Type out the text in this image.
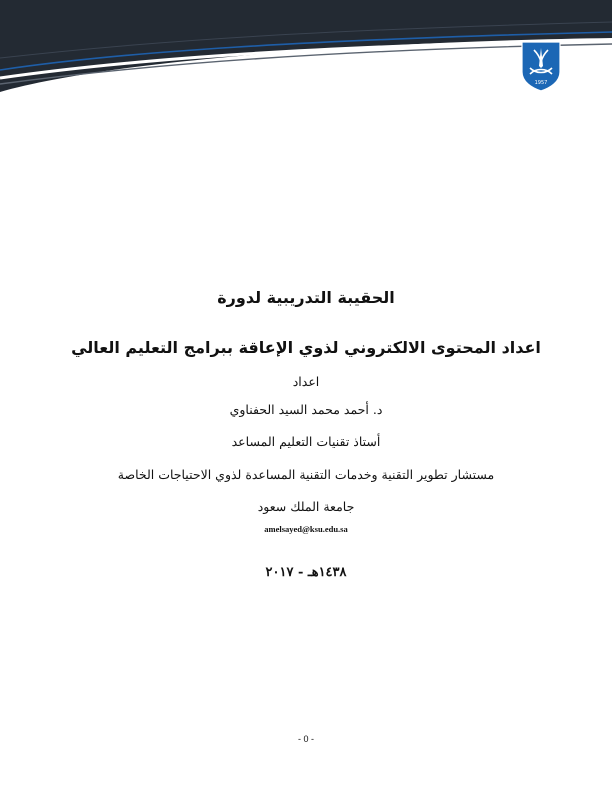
1957
الحقيبة التدريبية لدورة
اعداد المحتوى الالكتروني لذوي الإعاقة ببرامج التعليم العالي
اعداد
د. أحمد محمد السيد الحفناوي
أستاذ تقنيات التعليم المساعد
مستشار تطوير التقنية وخدمات التقنية المساعدة لذوي الاحتياجات الخاصة
جامعة الملك سعود
amelsayed@ksu.edu.sa
١٤٣٨هـ - ٢٠١٧
- 0 -
